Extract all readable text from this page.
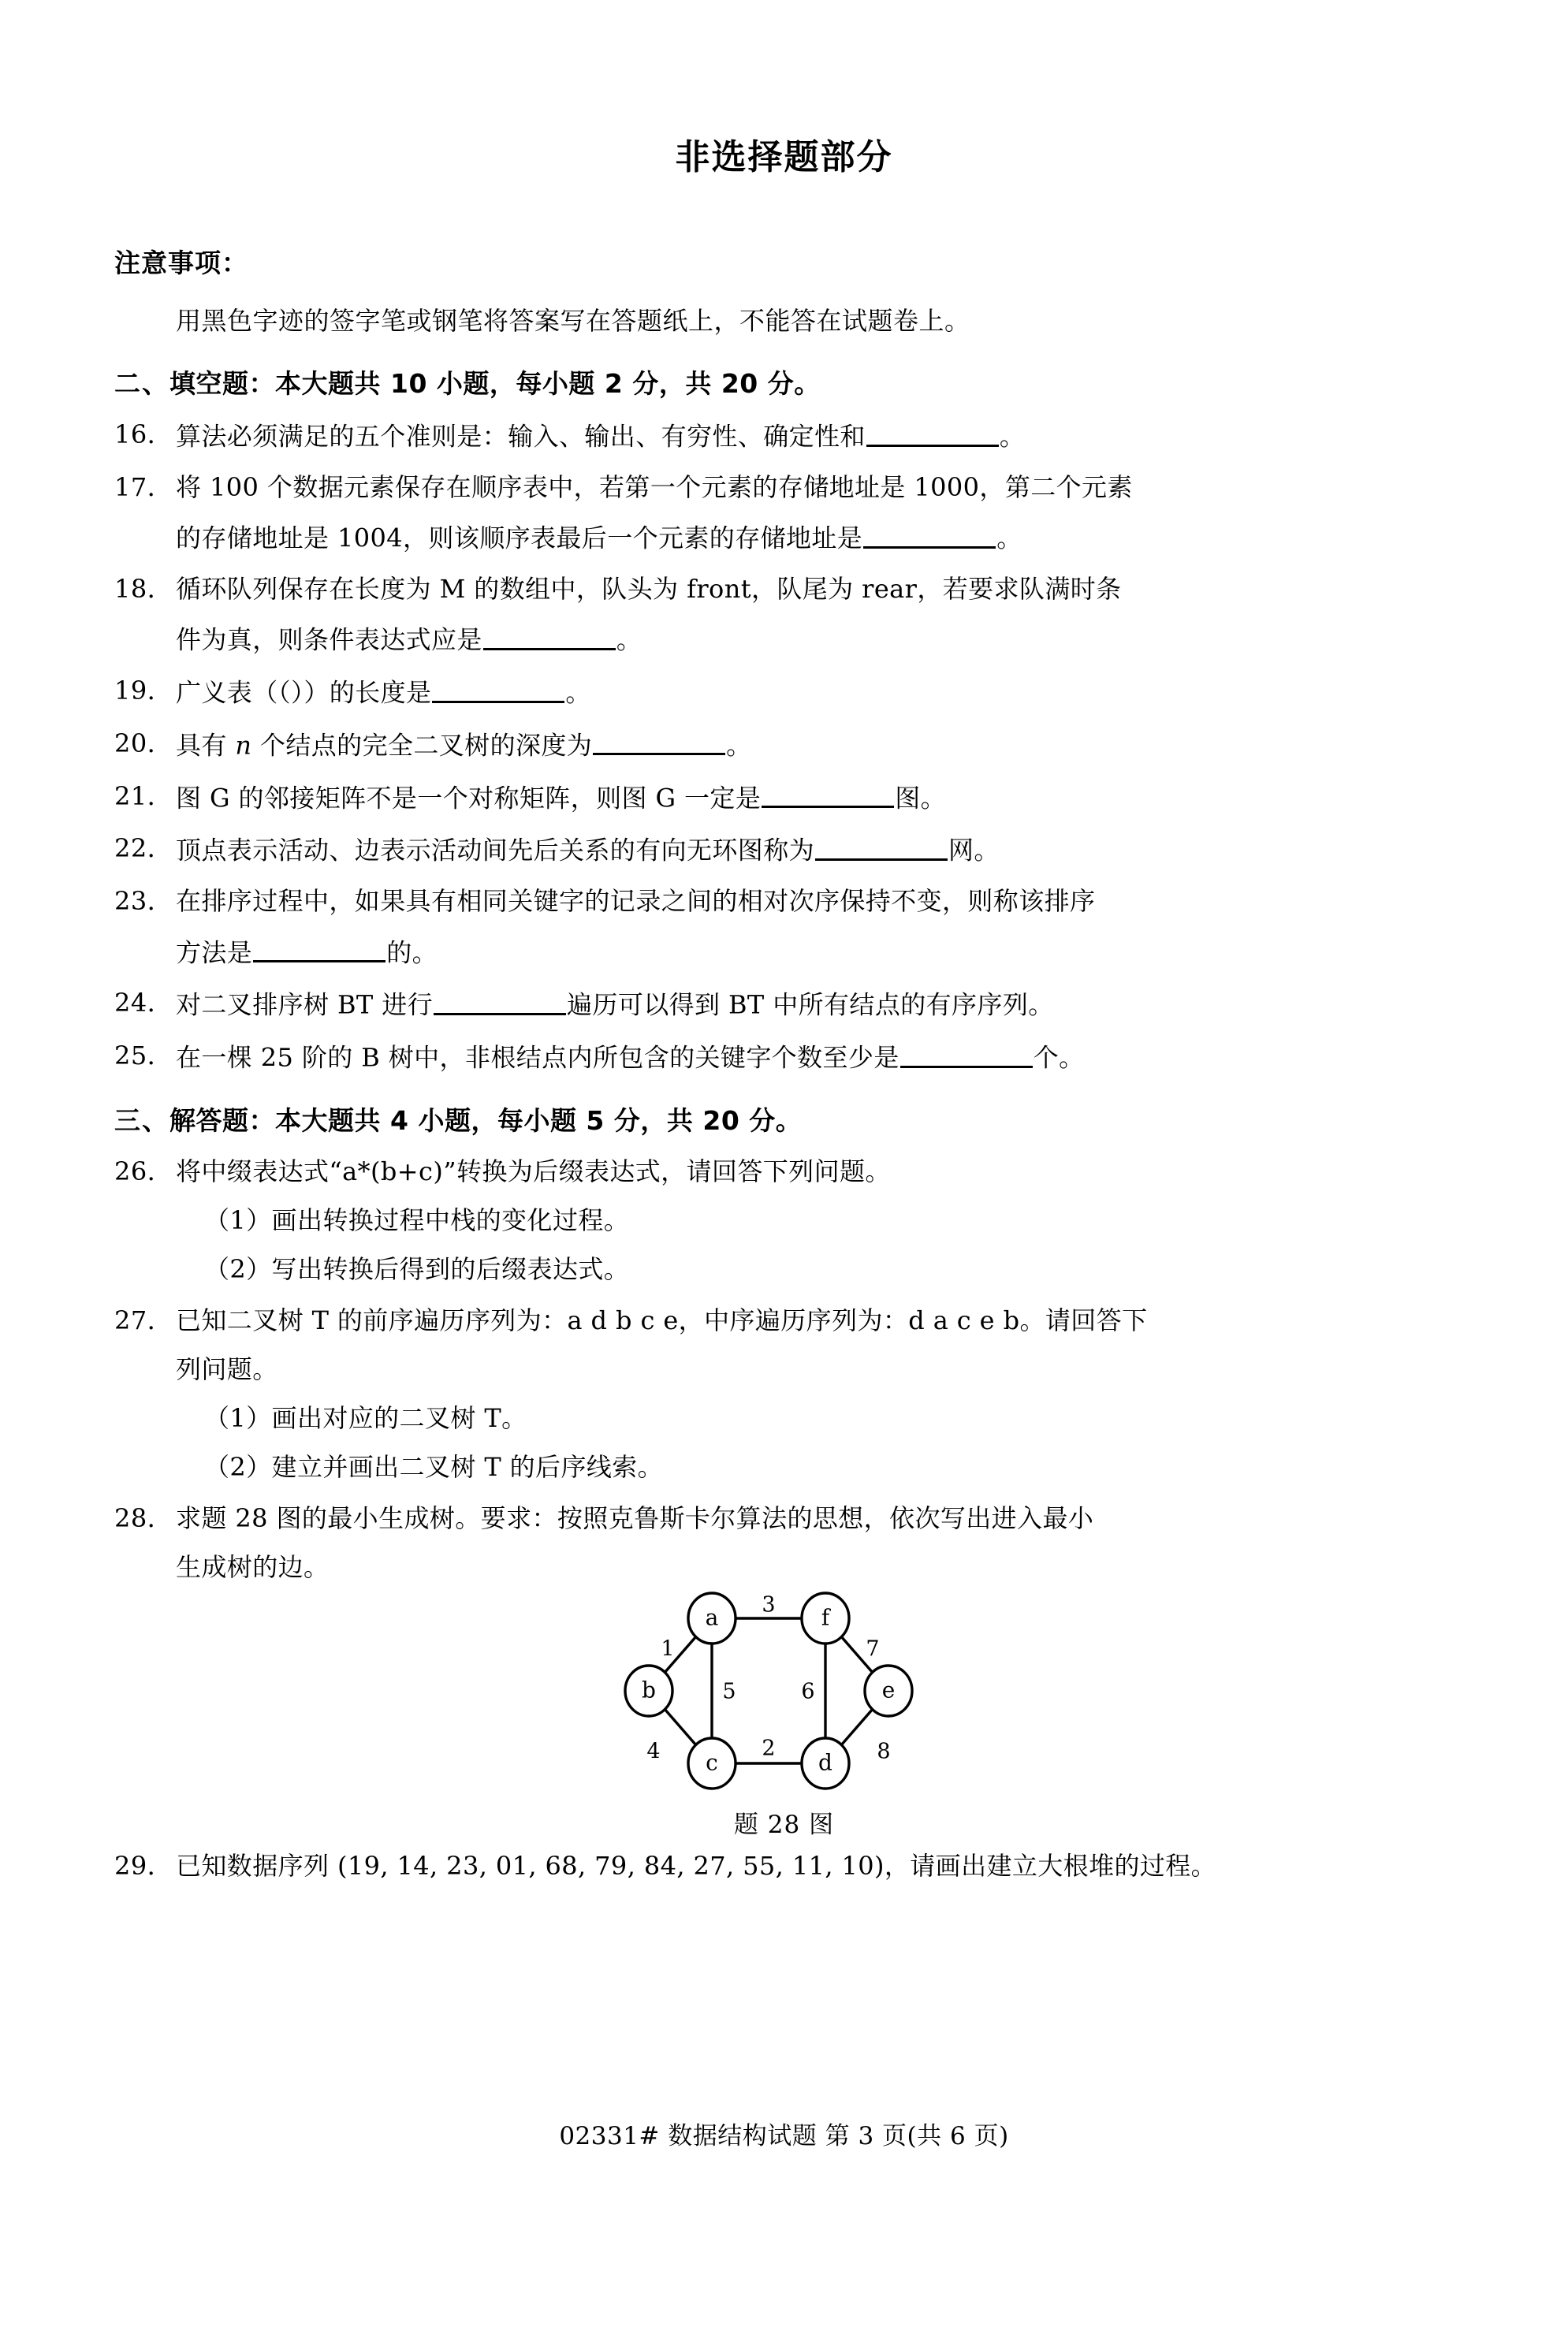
非选择题部分
注意事项：
用黑色字迹的签字笔或钢笔将答案写在答题纸上，不能答在试题卷上。
二、填空题：本大题共 10 小题，每小题 2 分，共 20 分。
16． 算法必须满足的五个准则是：输入、输出、有穷性、确定性和	。
17． 将 100 个数据元素保存在顺序表中，若第一个元素的存储地址是 1000，第二个元素
的存储地址是 1004，则该顺序表最后一个元素的存储地址是	。
18． 循环队列保存在长度为 M 的数组中，队头为 front，队尾为 rear，若要求队满时条
件为真，则条件表达式应是	。
19． 广义表（（））的长度是	。
20． 具有 n 个结点的完全二叉树的深度为	。
21． 图 G 的邻接矩阵不是一个对称矩阵，则图 G 一定是	图。
22． 顶点表示活动、边表示活动间先后关系的有向无环图称为	网。
23． 在排序过程中，如果具有相同关键字的记录之间的相对次序保持不变，则称该排序
方法是	的。
24． 对二叉排序树 BT 进行	遍历可以得到 BT 中所有结点的有序序列。
25． 在一棵 25 阶的 B 树中，非根结点内所包含的关键字个数至少是	个。
三、解答题：本大题共 4 小题，每小题 5 分，共 20 分。
26． 将中缀表达式“a*(b+c)”转换为后缀表达式，请回答下列问题。
（1）画出转换过程中栈的变化过程。
（2）写出转换后得到的后缀表达式。
27． 已知二叉树 T 的前序遍历序列为：a d b c e，中序遍历序列为：d a c e b。请回答下
列问题。
（1）画出对应的二叉树 T。
（2）建立并画出二叉树 T 的后序线索。
28． 求题 28 图的最小生成树。要求：按照克鲁斯卡尔算法的思想，依次写出进入最小
生成树的边。
3
1
5
4	2
6
7
8
a	f
b	e
c	d
题 28 图
29． 已知数据序列 (19, 14, 23, 01, 68, 79, 84, 27, 55, 11, 10)，请画出建立大根堆的过程。
02331# 数据结构试题 第 3 页(共 6 页)
